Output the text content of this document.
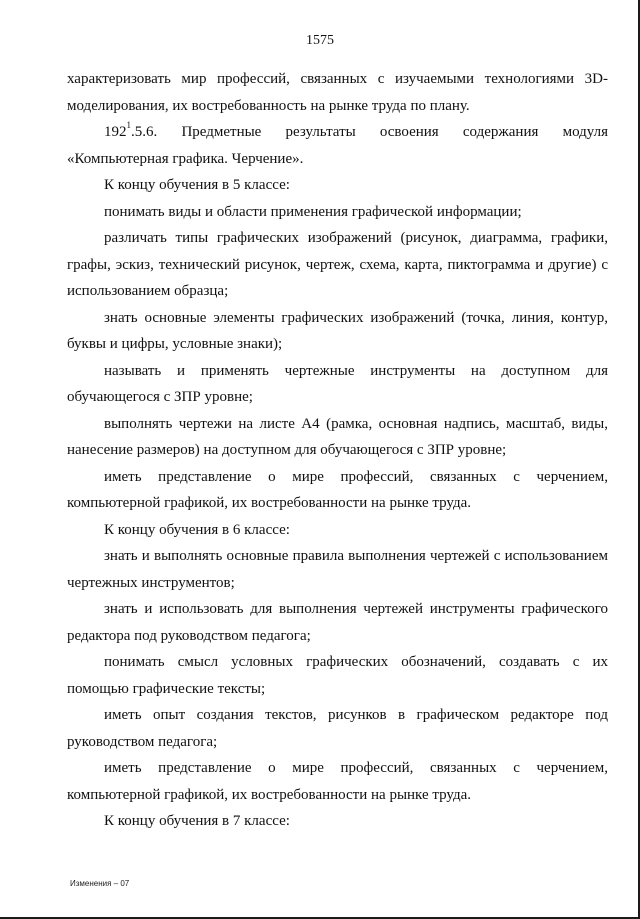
1575

характеризовать мир профессий, связанных с изучаемыми технологиями 3D-моделирования, их востребованность на рынке труда по плану.

$192^1.5.6$. Предметные результаты освоения содержания модуля «Компьютерная графика. Черчение».

К концу обучения в 5 классе:

понимать виды и области применения графической информации;

различать типы графических изображений (рисунок, диаграмма, графики, графы, эскиз, технический рисунок, чертеж, схема, карта, пиктограмма и другие) с использованием образца;

знать основные элементы графических изображений (точка, линия, контур, буквы и цифры, условные знаки);

называть и применять чертежные инструменты на доступном для обучающегося с ЗПР уровне;

выполнять чертежи на листе А4 (рамка, основная надпись, масштаб, виды, нанесение размеров) на доступном для обучающегося с ЗПР уровне;

иметь представление о мире профессий, связанных с черчением, компьютерной графикой, их востребованности на рынке труда.

К концу обучения в 6 классе:

знать и выполнять основные правила выполнения чертежей с использованием чертежных инструментов;

знать и использовать для выполнения чертежей инструменты графического редактора под руководством педагога;

понимать смысл условных графических обозначений, создавать с их помощью графические тексты;

иметь опыт создания текстов, рисунков в графическом редакторе под руководством педагога;

иметь представление о мире профессий, связанных с черчением, компьютерной графикой, их востребованности на рынке труда.

К концу обучения в 7 классе:

Изменения – 07
